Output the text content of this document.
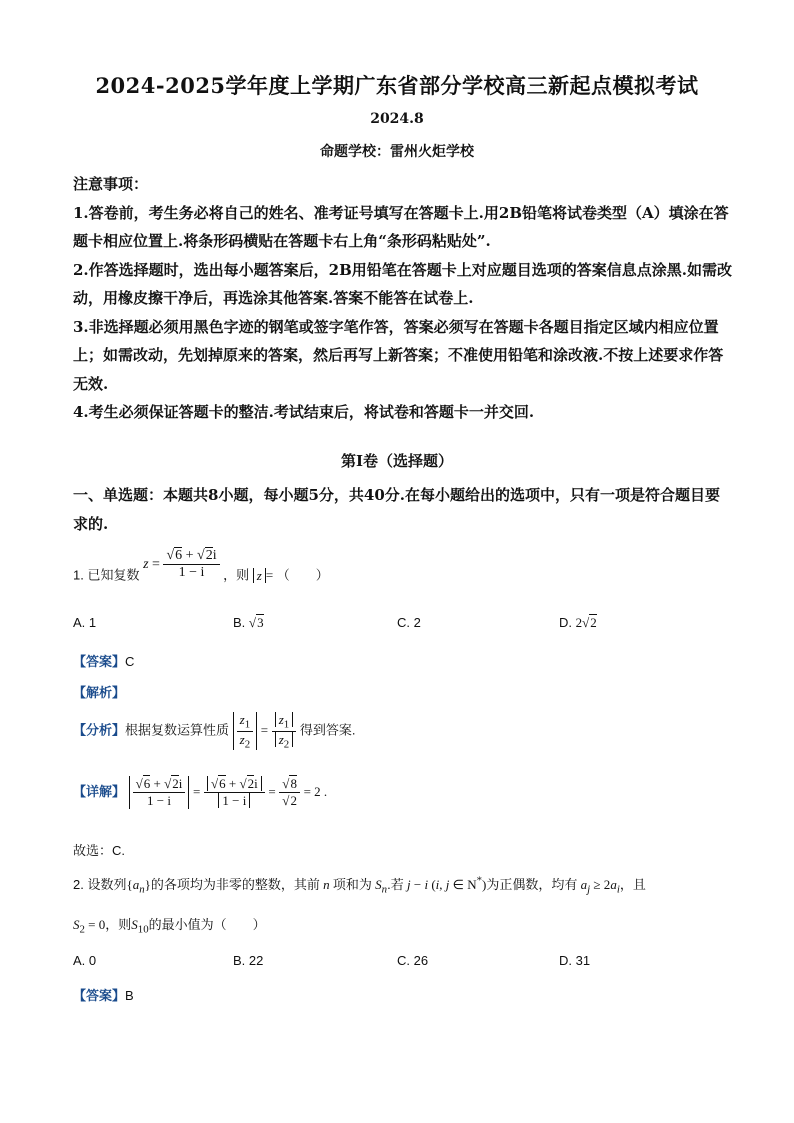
2024-2025学年度上学期广东省部分学校高三新起点模拟考试
2024.8
命题学校：雷州火炬学校

注意事项：

1.答卷前，考生务必将自己的姓名、准考证号填写在答题卡上.用2B铅笔将试卷类型（A）填涂在答题卡相应位置上.将条形码横贴在答题卡右上角“条形码粘贴处”.

2.作答选择题时，选出每小题答案后，2B用铅笔在答题卡上对应题目选项的答案信息点涂黑.如需改动，用橡皮擦干净后，再选涂其他答案.答案不能答在试卷上.

3.非选择题必须用黑色字迹的钢笔或签字笔作答，答案必须写在答题卡各题目指定区域内相应位置上；如需改动，先划掉原来的答案，然后再写上新答案；不准使用铅笔和涂改液.不按上述要求作答无效.

4.考生必须保证答题卡的整洁.考试结束后，将试卷和答题卡一并交回.

第Ⅰ卷（选择题）
一、单选题：本题共8小题，每小题5分，共40分.在每小题给出的选项中，只有一项是符合题目要求的.
1. 已知复数 $z = \frac{√6 + √2i}{1 - i}$ ，则 z = （　　）
A. 1	B. √3	C. 2	D. 2√2
【答案】C
【解析】
【分析】根据复数运算性质 $\frac{z_1}{z_2} = \frac{z_1}{z_2}$ 得到答案.
【详解】 $\frac{√6 + √2i}{1 - i} = \frac{√6 + √2i}{1 - i} = \frac{√8}{√2} = 2$ .
故选：C.
2. 设数列$\{a_n\}$的各项均为非零的整数，其前 n 项和为 $S_n$.若 j − i (i, j ∈ N*)为正偶数，均有 $a_j \ge 2a_i$，且
$S_2 = 0$，则$S_{10}$的最小值为（　　）
A. 0	B. 22	C. 26	D. 31
【答案】B
